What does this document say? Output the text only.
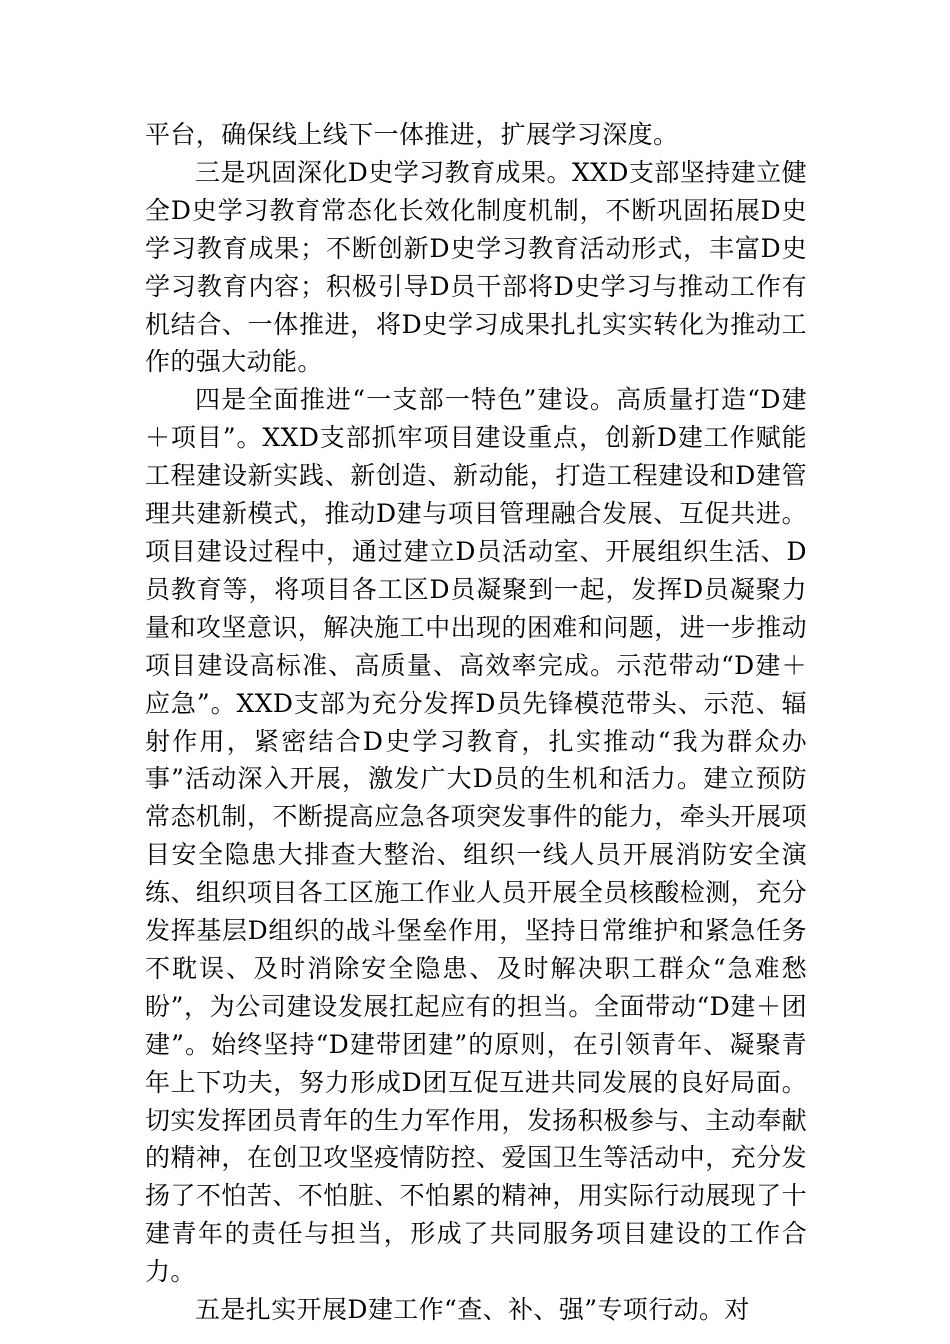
平台，确保线上线下一体推进，扩展学习深度。

三是巩固深化D史学习教育成果。XXD支部坚持建立健全D史学习教育常态化长效化制度机制，不断巩固拓展D史学习教育成果；不断创新D史学习教育活动形式，丰富D史学习教育内容；积极引导D员干部将D史学习与推动工作有机结合、一体推进，将D史学习成果扎扎实实转化为推动工作的强大动能。

四是全面推进“一支部一特色”建设。高质量打造“D建＋项目”。XXD支部抓牢项目建设重点，创新D建工作赋能工程建设新实践、新创造、新动能，打造工程建设和D建管理共建新模式，推动D建与项目管理融合发展、互促共进。项目建设过程中，通过建立D员活动室、开展组织生活、D员教育等，将项目各工区D员凝聚到一起，发挥D员凝聚力量和攻坚意识，解决施工中出现的困难和问题，进一步推动项目建设高标准、高质量、高效率完成。示范带动“D建＋应急”。XXD支部为充分发挥D员先锋模范带头、示范、辐射作用，紧密结合D史学习教育，扎实推动“我为群众办事”活动深入开展，激发广大D员的生机和活力。建立预防常态机制，不断提高应急各项突发事件的能力，牵头开展项目安全隐患大排查大整治、组织一线人员开展消防安全演练、组织项目各工区施工作业人员开展全员核酸检测，充分发挥基层D组织的战斗堡垒作用，坚持日常维护和紧急任务不耽误、及时消除安全隐患、及时解决职工群众“急难愁盼”，为公司建设发展扛起应有的担当。全面带动“D建＋团建”。始终坚持“D建带团建”的原则，在引领青年、凝聚青年上下功夫，努力形成D团互促互进共同发展的良好局面。切实发挥团员青年的生力军作用，发扬积极参与、主动奉献的精神，在创卫攻坚疫情防控、爱国卫生等活动中，充分发扬了不怕苦、不怕脏、不怕累的精神，用实际行动展现了十建青年的责任与担当，形成了共同服务项目建设的工作合力。

五是扎实开展D建工作“查、补、强”专项行动。对
